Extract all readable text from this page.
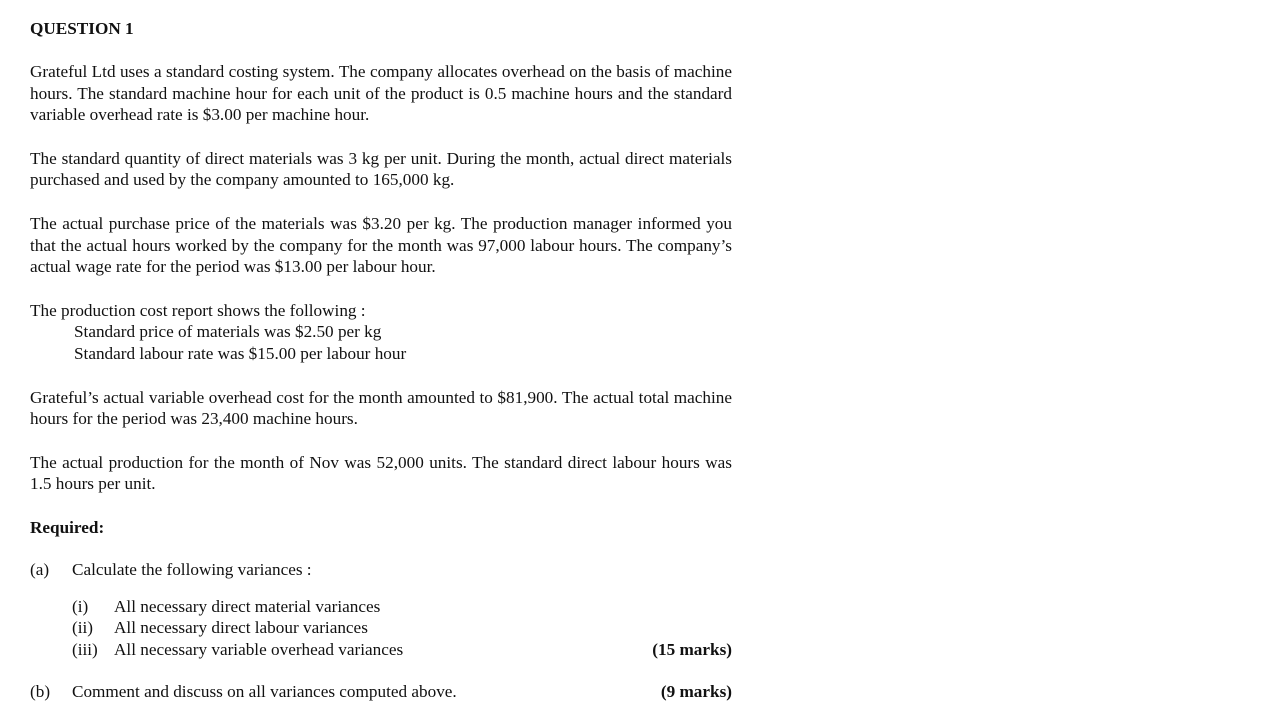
QUESTION 1

Grateful Ltd uses a standard costing system. The company allocates overhead on the basis of machine hours. The standard machine hour for each unit of the product is 0.5 machine hours and the standard variable overhead rate is $3.00 per machine hour.

The standard quantity of direct materials was 3 kg per unit. During the month, actual direct materials purchased and used by the company amounted to 165,000 kg.

The actual purchase price of the materials was $3.20 per kg. The production manager informed you that the actual hours worked by the company for the month was 97,000 labour hours. The company’s actual wage rate for the period was $13.00 per labour hour.

The production cost report shows the following :

Standard price of materials was $2.50 per kg

Standard labour rate was $15.00 per labour hour

Grateful’s actual variable overhead cost for the month amounted to $81,900. The actual total machine hours for the period was 23,400 machine hours.

The actual production for the month of Nov was 52,000 units. The standard direct labour hours was 1.5 hours per unit.

Required:

(a) Calculate the following variances :
(i) All necessary direct material variances
(ii) All necessary direct labour variances
(iii) All necessary variable overhead variances	(15 marks)
(b) Comment and discuss on all variances computed above.	(9 marks)
